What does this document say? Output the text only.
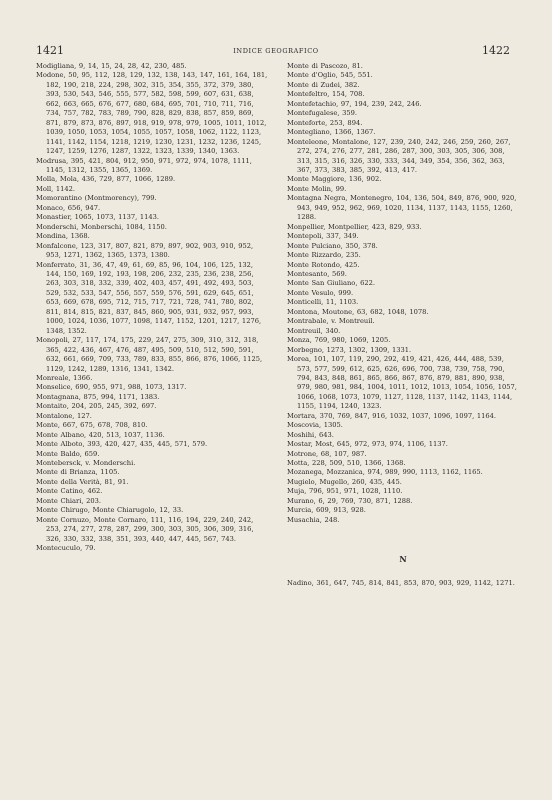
1421	INDICE GEOGRAFICO	1422
Modigliana, 9, 14, 15, 24, 28, 42, 230, 485.
Modone, 50, 95, 112, 128, 129, 132, 138, 143, 147, 161, 164, 181, 182, 190, 218, 224, 298, 302, 315, 354, 355, 372, 379, 380, 393, 530, 543, 546, 555, 577, 582, 598, 599, 607, 631, 638, 662, 663, 665, 676, 677, 680, 684, 695, 701, 710, 711, 716, 734, 757, 782, 783, 789, 790, 828, 829, 838, 857, 859, 869, 871, 879, 873, 876, 897, 918, 919, 978, 979, 1005, 1011, 1012, 1039, 1050, 1053, 1054, 1055, 1057, 1058, 1062, 1122, 1123, 1141, 1142, 1154, 1218, 1219, 1230, 1231, 1232, 1236, 1245, 1247, 1259, 1276, 1287, 1322, 1323, 1339, 1340, 1363.
Modrusa, 395, 421, 804, 912, 950, 971, 972, 974, 1078, 1111, 1145, 1312, 1355, 1365, 1369.
Molla, Mola, 436, 729, 877, 1066, 1289.
Moll, 1142.
Momorantino (Montmorency), 799.
Monaco, 656, 947.
Monastier, 1065, 1073, 1137, 1143.
Monderschi, Monberschi, 1084, 1150.
Mondina, 1368.
Monfalcone, 123, 317, 807, 821, 879, 897, 902, 903, 910, 952, 953, 1271, 1362, 1365, 1373, 1380.
Monferrato, 31, 36, 47, 49, 61, 69, 85, 96, 104, 106, 125, 132, 144, 150, 169, 192, 193, 198, 206, 232, 235, 236, 238, 256, 263, 303, 318, 332, 339, 402, 403, 457, 491, 492, 493, 503, 529, 532, 533, 547, 556, 557, 559, 576, 591, 629, 645, 651, 653, 669, 678, 695, 712, 715, 717, 721, 728, 741, 780, 802, 811, 814, 815, 821, 837, 845, 860, 905, 931, 932, 957, 993, 1000, 1024, 1036, 1077, 1098, 1147, 1152, 1201, 1217, 1276, 1348, 1352.
Monopoli, 27, 117, 174, 175, 229, 247, 275, 309, 310, 312, 318, 365, 422, 436, 467, 476, 487, 495, 509, 510, 512, 590, 591, 632, 661, 669, 709, 733, 789, 833, 855, 866, 876, 1066, 1125, 1129, 1242, 1289, 1316, 1341, 1342.
Monreale, 1366.
Monselice, 690, 955, 971, 988, 1073, 1317.
Montagnana, 875, 994, 1171, 1383.
Montaito, 204, 205, 245, 392, 697.
Montalone, 127.
Monte, 667, 675, 678, 708, 810.
Monte Albano, 420, 513, 1037, 1136.
Monte Alboto, 393, 420, 427, 435, 445, 571, 579.
Monte Baldo, 659.
Montebersck, v. Monderschi.
Monte di Brianza, 1105.
Monte della Verità, 81, 91.
Monte Catino, 462.
Monte Chiari, 203.
Monte Chirugo, Monte Chiarugolo, 12, 33.
Monte Cornuzo, Monte Cornaro, 111, 116, 194, 229, 240, 242, 253, 274, 277, 278, 287, 299, 300, 303, 305, 306, 309, 316, 326, 330, 332, 338, 351, 393, 440, 447, 445, 567, 743.
Montecuculo, 79.
Monte di Pascozo, 81.
Monte d'Oglio, 545, 551.
Monte di Zudei, 382.
Montefeltro, 154, 708.
Montefetachio, 97, 194, 239, 242, 246.
Montefugalese, 359.
Monteforte, 253, 894.
Montegliano, 1366, 1367.
Monteleone, Montalone, 127, 239, 240, 242, 246, 259, 260, 267, 272, 274, 276, 277, 281, 286, 287, 300, 303, 305, 306, 308, 313, 315, 316, 326, 330, 333, 344, 349, 354, 356, 362, 363, 367, 373, 383, 385, 392, 413, 417.
Monte Maggiore, 136, 902.
Monte Molin, 99.
Montagna Negra, Montenegro, 104, 136, 504, 849, 876, 900, 920, 943, 949, 952, 962, 969, 1020, 1134, 1137, 1143, 1155, 1260, 1288.
Monpellier, Montpellier, 423, 829, 933.
Montepoli, 337, 349.
Monte Pulciano, 350, 378.
Monte Rizzardo, 235.
Monte Rotondo, 425.
Montesanto, 569.
Monte San Giuliano, 622.
Monte Vesulo, 999.
Monticelli, 11, 1103.
Montona, Moutone, 63, 682, 1048, 1078.
Montrabale, v. Montreuil.
Montreuil, 340.
Monza, 769, 980, 1069, 1205.
Morbegno, 1273, 1302, 1309, 1331.
Morea, 101, 107, 119, 290, 292, 419, 421, 426, 444, 488, 539, 573, 577, 599, 612, 625, 626, 696, 700, 738, 739, 758, 790, 794, 843, 848, 861, 865, 866, 867, 876, 879, 881, 890, 938, 979, 980, 981, 984, 1004, 1011, 1012, 1013, 1054, 1056, 1057, 1066, 1068, 1073, 1079, 1127, 1128, 1137, 1142, 1143, 1144, 1155, 1194, 1240, 1323.
Mortara, 370, 769, 847, 916, 1032, 1037, 1096, 1097, 1164.
Moscovia, 1305.
Moshihi, 643.
Mostar, Most, 645, 972, 973, 974, 1106, 1137.
Motrone, 68, 107, 987.
Motta, 228, 509, 510, 1366, 1368.
Mozanega, Mozzanica, 974, 989, 990, 1113, 1162, 1165.
Mugielo, Mugello, 260, 435, 445.
Muja, 796, 951, 971, 1028, 1110.
Murano, 6, 29, 769, 730, 871, 1288.
Murcia, 609, 913, 928.
Musachia, 248.
N
Nadino, 361, 647, 745, 814, 841, 853, 870, 903, 929, 1142, 1271.
